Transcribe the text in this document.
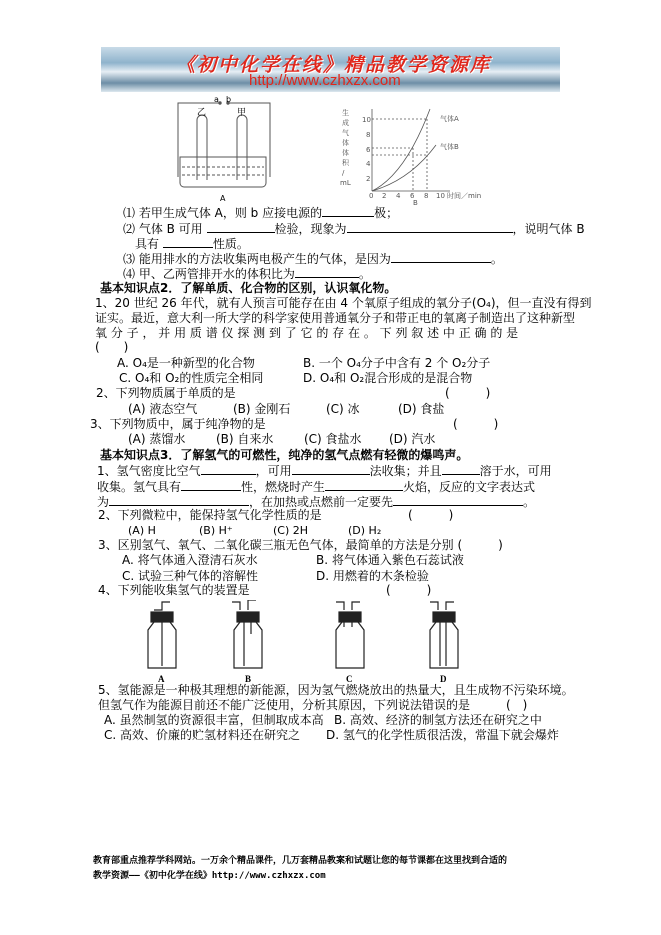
《初中化学在线》精品教学资源库
http://www.czhxzx.com
a b
乙	甲
A
生
成
气
体
体
积
/
mL 2
4
6
8
10
0 2 4 6 8 10 时间／min
气体A
气体B
B
⑴ 若甲生成气体 A，则 b 应接电源的	极；
⑵ 气体 B 可用	检验，现象为	，说明气体 B
具有	性质。
⑶ 能用排水的方法收集两电极产生的气体，是因为	。
⑷ 甲、乙两管排开水的体积比为	。
基本知识点2．了解单质、化合物的区别，认识氧化物。
1、20 世纪 26 年代，就有人预言可能存在由 4 个氧原子组成的氧分子(O₄)，但一直没有得到
证实。最近，意大利一所大学的科学家使用普通氧分子和带正电的氧离子制造出了这种新型
氧 分 子 ， 并 用 质 谱 仪 探 测 到 了 它 的 存 在 。 下 列 叙 述 中 正 确 的 是
(　　)
A. O₄是一种新型的化合物	B. 一个 O₄分子中含有 2 个 O₂分子
C. O₄和 O₂的性质完全相同	D. O₄和 O₂混合形成的是混合物
2、下列物质属于单质的是	(　　　)
(A) 液态空气	(B) 金刚石	(C) 冰	(D) 食盐
3、下列物质中，属于纯净物的是	(　　　)
(A) 蒸馏水	(B) 自来水	(C) 食盐水 (D) 汽水
基本知识点3．了解氢气的可燃性，纯净的氢气点燃有轻微的爆鸣声。
1、氢气密度比空气	，可用	法收集；并且	溶于水，可用
收集。氢气具有	性，燃烧时产生	火焰，反应的文字表达式
为	，在加热或点燃前一定要先	。
2、下列微粒中，能保持氢气化学性质的是	(　　　)
(A) H	(B) H⁺	(C) 2H	(D) H₂
3、区别氢气、氧气、二氧化碳三瓶无色气体，最简单的方法是分别 (　　　)
A. 将气体通入澄清石灰水	B. 将气体通入紫色石蕊试液
C. 试验三种气体的溶解性	D. 用燃着的木条检验
4、下列能收集氢气的装置是	(　　　)
A	B	C	D
5、氢能源是一种极其理想的新能源，因为氢气燃烧放出的热量大，且生成物不污染环境。
但氢气作为能源目前还不能广泛使用，分析其原因，下列说法错误的是　　　(　)
A. 虽然制氢的资源很丰富，但制取成本高 B. 高效、经济的制氢方法还在研究之中
C. 高效、价廉的贮氢材料还在研究之 D. 氢气的化学性质很活泼，常温下就会爆炸
教育部重点推荐学科网站。一万余个精品课件，几万套精品教案和试题让您的每节课都在这里找到合适的
教学资源——《初中化学在线》http://www.czhxzx.com
